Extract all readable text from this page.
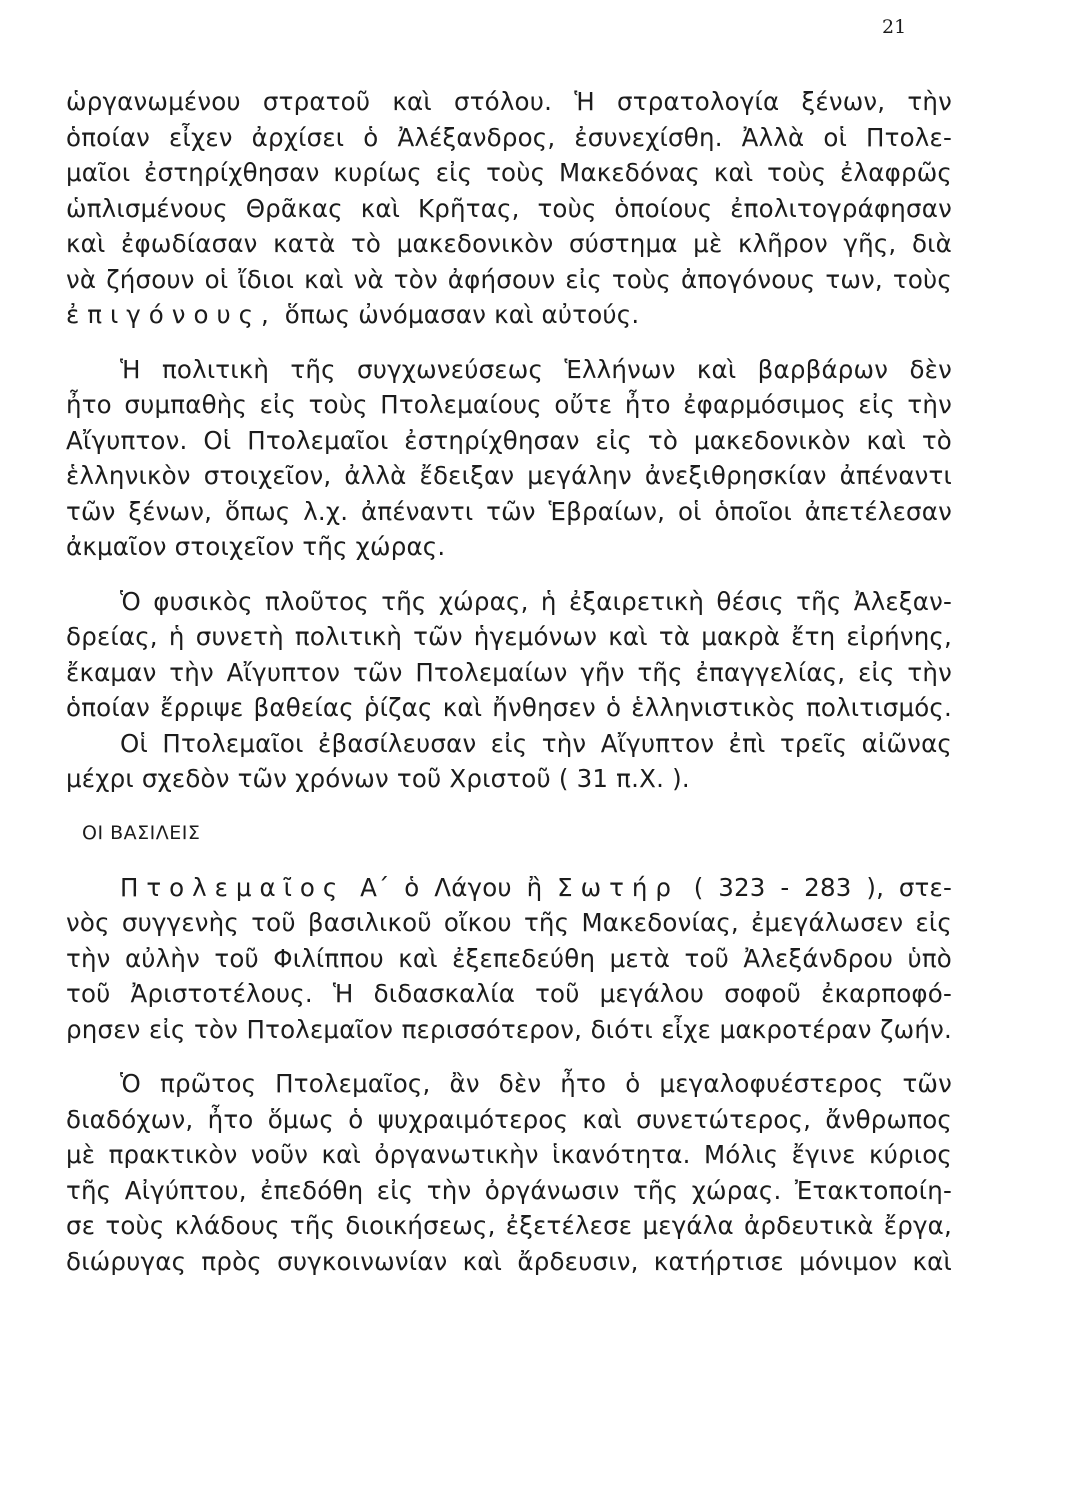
21
ὡργανωμένου στρατοῦ καὶ στόλου. Ἡ στρατολογία ξένων, τὴν
ὁποίαν εἶχεν ἀρχίσει ὁ Ἀλέξανδρος, ἐσυνεχίσθη. Ἀλλὰ οἱ Πτολε-
μαῖοι ἐστηρίχθησαν κυρίως εἰς τοὺς Μακεδόνας καὶ τοὺς ἐλαφρῶς
ὡπλισμένους Θρᾶκας καὶ Κρῆτας, τοὺς ὁποίους ἐπολιτογράφησαν
καὶ ἐφωδίασαν κατὰ τὸ μακεδονικὸν σύστημα μὲ κλῆρον γῆς, διὰ
νὰ ζήσουν οἱ ἴδιοι καὶ νὰ τὸν ἀφήσουν εἰς τοὺς ἀπογόνους των, τοὺς
ἐπιγόνους, ὅπως ὠνόμασαν καὶ αὐτούς.
Ἡ πολιτικὴ τῆς συγχωνεύσεως Ἑλλήνων καὶ βαρβάρων δὲν
ἦτο συμπαθὴς εἰς τοὺς Πτολεμαίους οὔτε ἦτο ἐφαρμόσιμος εἰς τὴν
Αἴγυπτον. Οἱ Πτολεμαῖοι ἐστηρίχθησαν εἰς τὸ μακεδονικὸν καὶ τὸ
ἑλληνικὸν στοιχεῖον, ἀλλὰ ἔδειξαν μεγάλην ἀνεξιθρησκίαν ἀπέναντι
τῶν ξένων, ὅπως λ.χ. ἀπέναντι τῶν Ἑβραίων, οἱ ὁποῖοι ἀπετέλεσαν
ἀκμαῖον στοιχεῖον τῆς χώρας.
Ὁ φυσικὸς πλοῦτος τῆς χώρας, ἡ ἐξαιρετικὴ θέσις τῆς Ἀλεξαν-
δρείας, ἡ συνετὴ πολιτικὴ τῶν ἡγεμόνων καὶ τὰ μακρὰ ἔτη εἰρήνης,
ἔκαμαν τὴν Αἴγυπτον τῶν Πτολεμαίων γῆν τῆς ἐπαγγελίας, εἰς τὴν
ὁποίαν ἔρριψε βαθείας ῥίζας καὶ ἤνθησεν ὁ ἑλληνιστικὸς πολιτισμός.
Οἱ Πτολεμαῖοι ἐβασίλευσαν εἰς τὴν Αἴγυπτον ἐπὶ τρεῖς αἰῶνας
μέχρι σχεδὸν τῶν χρόνων τοῦ Χριστοῦ ( 31 π.Χ. ).
ΟΙ ΒΑΣΙΛΕΙΣ
Πτολεμαῖος Α΄ ὁ Λάγου ἢ Σωτήρ ( 323 - 283 ), στε-
νὸς συγγενὴς τοῦ βασιλικοῦ οἴκου τῆς Μακεδονίας, ἐμεγάλωσεν εἰς
τὴν αὐλὴν τοῦ Φιλίππου καὶ ἐξεπεδεύθη μετὰ τοῦ Ἀλεξάνδρου ὑπὸ
τοῦ Ἀριστοτέλους. Ἡ διδασκαλία τοῦ μεγάλου σοφοῦ ἐκαρποφό-
ρησεν εἰς τὸν Πτολεμαῖον περισσότερον, διότι εἶχε μακροτέραν ζωήν.
Ὁ πρῶτος Πτολεμαῖος, ἂν δὲν ἦτο ὁ μεγαλοφυέστερος τῶν
διαδόχων, ἦτο ὅμως ὁ ψυχραιμότερος καὶ συνετώτερος, ἄνθρωπος
μὲ πρακτικὸν νοῦν καὶ ὀργανωτικὴν ἱκανότητα. Μόλις ἔγινε κύριος
τῆς Αἰγύπτου, ἐπεδόθη εἰς τὴν ὀργάνωσιν τῆς χώρας. Ἐτακτοποίη-
σε τοὺς κλάδους τῆς διοικήσεως, ἐξετέλεσε μεγάλα ἀρδευτικὰ ἔργα,
διώρυγας πρὸς συγκοινωνίαν καὶ ἄρδευσιν, κατήρτισε μόνιμον καὶ
